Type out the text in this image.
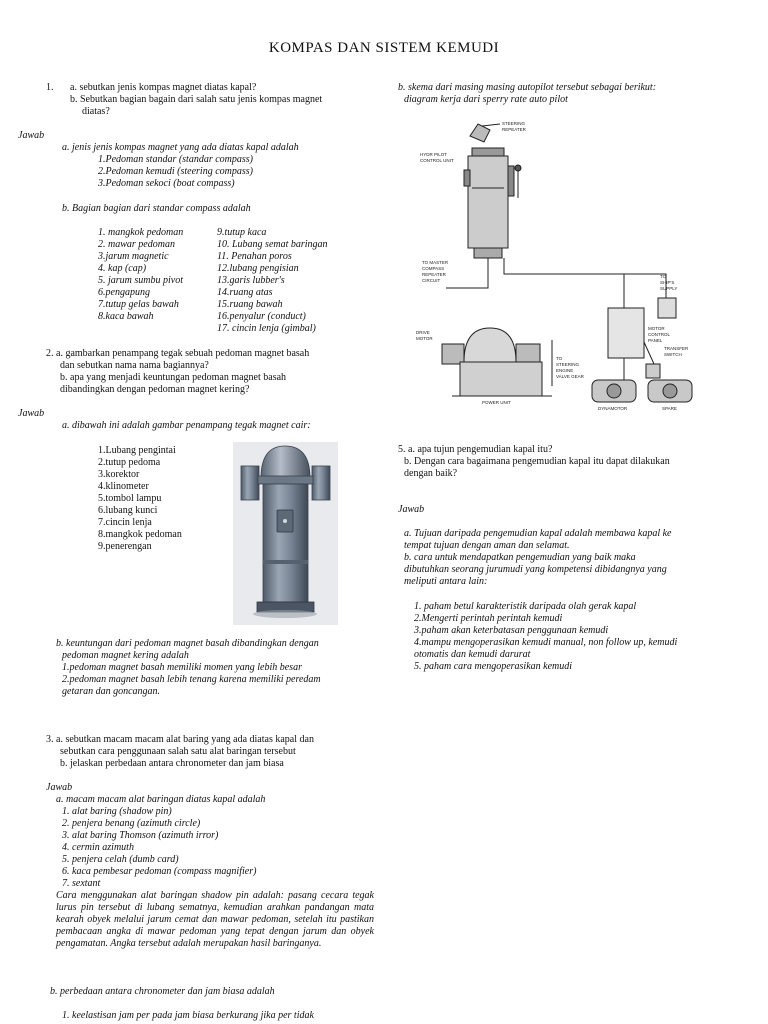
KOMPAS DAN SISTEM KEMUDI
1. a. sebutkan jenis kompas magnet diatas kapal?
b. Sebutkan bagian bagain dari salah satu jenis kompas magnet
diatas?
Jawab
a. jenis jenis kompas magnet yang ada diatas kapal adalah
1.Pedoman standar (standar compass)
2.Pedoman kemudi (steering compass)
3.Pedoman sekoci (boat compass)
b. Bagian bagian dari standar compass adalah
1. mangkok pedoman
2. mawar pedoman
3.jarum magnetic
4. kap (cap)
5. jarum sumbu pivot
6.pengapung
7.tutup gelas bawah
8.kaca bawah
9.tutup kaca
10. Lubang semat baringan
11. Penahan poros
12.lubang pengisian
13.garis lubber's
14.ruang atas
15.ruang bawah
16.penyalur (conduct)
17. cincin lenja (gimbal)
2. a. gambarkan penampang tegak sebuah pedoman magnet basah
dan sebutkan nama nama bagiannya?
b. apa yang menjadi keuntungan pedoman magnet basah
dibandingkan dengan pedoman magnet kering?
Jawab
a. dibawah ini adalah gambar penampang tegak magnet cair:
1.Lubang pengintai
2.tutup pedoma
3.korektor
4.klinometer
5.tombol lampu
6.lubang kunci
7.cincin lenja
8.mangkok pedoman
9.penerengan
b. keuntungan dari pedoman magnet basah dibandingkan dengan
pedoman magnet kering adalah
1.pedoman magnet basah memiliki momen yang lebih besar
2.pedoman magnet basah lebih tenang karena memiliki peredam
getaran dan goncangan.
3. a. sebutkan macam macam alat baring yang ada diatas kapal dan
sebutkan cara penggunaan salah satu alat baringan tersebut
b. jelaskan perbedaan antara chronometer dan jam biasa
Jawab
a. macam macam alat baringan diatas kapal adalah
1. alat baring (shadow pin)
2. penjera benang (azimuth circle)
3. alat baring Thomson (azimuth irror)
4. cermin azimuth
5. penjera celah (dumb card)
6. kaca pembesar pedoman (compass magnifier)
7. sextant
Cara menggunakan alat baringan shadow pin adalah: pasang cecara tegak lurus pin tersebut di lubang sematnya, kemudian arahkan pandangan mata kearah obyek melalui jarum cemat dan mawar pedoman, setelah itu pastikan pembacaan angka di mawar pedoman yang tepat dengan jarum dan obyek pengamatan. Angka tersebut adalah merupakan hasil baringanya.
b. perbedaan antara chronometer dan jam biasa adalah
1. keelastisan jam per pada jam biasa berkurang jika per tidak
b. skema dari masing masing autopilot tersebut sebagai berikut:
diagram kerja dari sperry rate auto pilot
STEERING
REPEATER
HYDR PILOT
CONTROL UNIT
TO MASTER
COMPASS
REPEATER
CIRCUIT
TO
SHIP'S
SUPPLY
MOTOR
CONTROL
PANEL
DRIVE
MOTOR
TO
STEERING
ENGINE
VALVE GEAR
TRANSFER
SWITCH
POWER UNIT
DYNAMOTOR	SPARE
5. a. apa tujun pengemudian kapal itu?
b. Dengan cara bagaimana pengemudian kapal itu dapat dilakukan
dengan baik?
Jawab
a. Tujuan daripada pengemudian kapal adalah membawa kapal ke
tempat tujuan dengan aman dan selamat.
b. cara untuk mendapatkan pengemudian yang baik maka
dibutuhkan seorang jurumudi yang kompetensi dibidangnya yang
meliputi antara lain:
1. paham betul karakteristik daripada olah gerak kapal
2.Mengerti perintah perintah kemudi
3.paham akan keterbatasan penggunaan kemudi
4.mampu mengoperasikan kemudi manual, non follow up, kemudi
otomatis dan kemudi darurat
5. paham cara mengoperasikan kemudi
